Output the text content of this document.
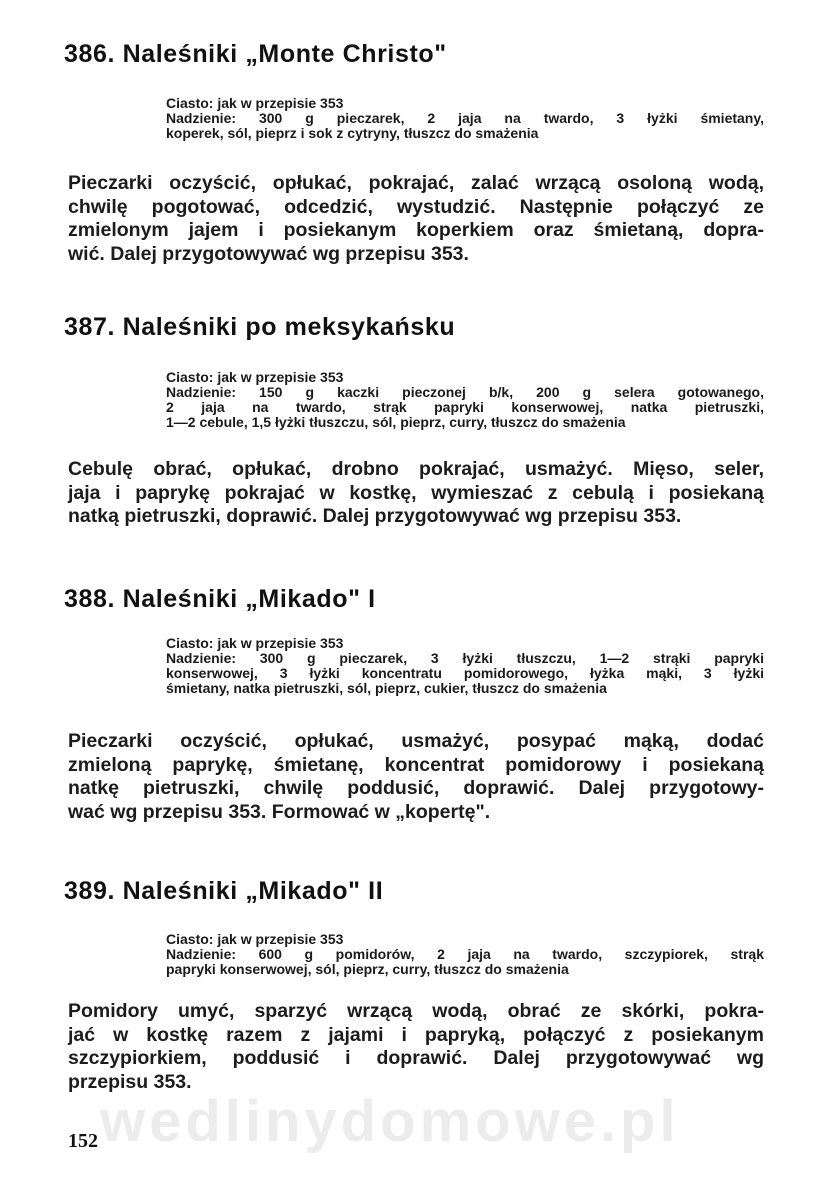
wedlinydomowe.pl
386. Naleśniki „Monte Christo"
Ciasto: jak w przepisie 353
Nadzienie: 300 g pieczarek, 2 jaja na twardo, 3 łyżki śmietany,
koperek, sól, pieprz i sok z cytryny, tłuszcz do smażenia
Pieczarki oczyścić, opłukać, pokrajać, zalać wrzącą osoloną wodą,
chwilę pogotować, odcedzić, wystudzić. Następnie połączyć ze
zmielonym jajem i posiekanym koperkiem oraz śmietaną, dopra-
wić. Dalej przygotowywać wg przepisu 353.
387. Naleśniki po meksykańsku
Ciasto: jak w przepisie 353
Nadzienie: 150 g kaczki pieczonej b/k, 200 g selera gotowanego,
2 jaja na twardo, strąk papryki konserwowej, natka pietruszki,
1—2 cebule, 1,5 łyżki tłuszczu, sól, pieprz, curry, tłuszcz do smażenia
Cebulę obrać, opłukać, drobno pokrajać, usmażyć. Mięso, seler,
jaja i paprykę pokrajać w kostkę, wymieszać z cebulą i posiekaną
natką pietruszki, doprawić. Dalej przygotowywać wg przepisu 353.
388. Naleśniki „Mikado" I
Ciasto: jak w przepisie 353
Nadzienie: 300 g pieczarek, 3 łyżki tłuszczu, 1—2 strąki papryki
konserwowej, 3 łyżki koncentratu pomidorowego, łyżka mąki, 3 łyżki
śmietany, natka pietruszki, sól, pieprz, cukier, tłuszcz do smażenia
Pieczarki oczyścić, opłukać, usmażyć, posypać mąką, dodać
zmieloną paprykę, śmietanę, koncentrat pomidorowy i posiekaną
natkę pietruszki, chwilę poddusić, doprawić. Dalej przygotowy-
wać wg przepisu 353. Formować w „kopertę".
389. Naleśniki „Mikado" II
Ciasto: jak w przepisie 353
Nadzienie: 600 g pomidorów, 2 jaja na twardo, szczypiorek, strąk
papryki konserwowej, sól, pieprz, curry, tłuszcz do smażenia
Pomidory umyć, sparzyć wrzącą wodą, obrać ze skórki, pokra-
jać w kostkę razem z jajami i papryką, połączyć z posiekanym
szczypiorkiem, poddusić i doprawić. Dalej przygotowywać wg
przepisu 353.
152
